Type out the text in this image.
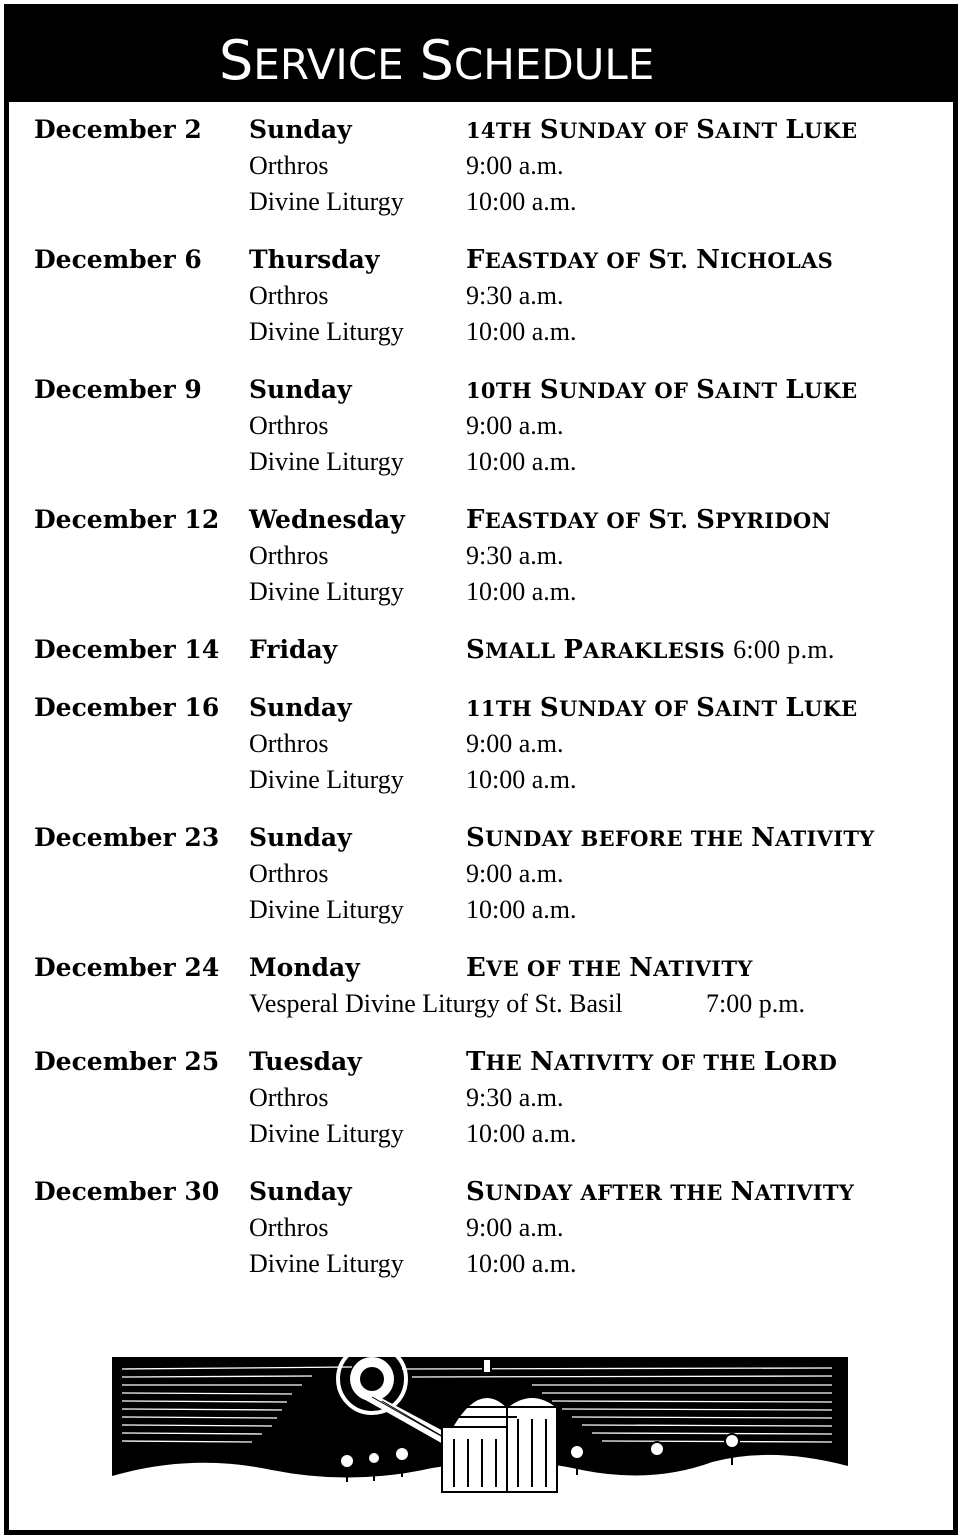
SERVICE SCHEDULE
December 2 Sunday	14TH SUNDAY OF SAINT LUKE
Orthros	9:00 a.m.
Divine Liturgy 10:00 a.m.
December 6 Thursday	FEASTDAY OF ST. NICHOLAS
Orthros	9:30 a.m.
Divine Liturgy 10:00 a.m.
December 9 Sunday	10TH SUNDAY OF SAINT LUKE
Orthros	9:00 a.m.
Divine Liturgy 10:00 a.m.
December 12 Wednesday FEASTDAY OF ST. SPYRIDON
Orthros	9:30 a.m.
Divine Liturgy 10:00 a.m.
December 14 Friday	SMALL PARAKLESIS 6:00 p.m.
December 16 Sunday	11TH SUNDAY OF SAINT LUKE
Orthros	9:00 a.m.
Divine Liturgy 10:00 a.m.
December 23 Sunday	SUNDAY BEFORE THE NATIVITY
Orthros	9:00 a.m.
Divine Liturgy 10:00 a.m.
December 24 Monday	EVE OF THE NATIVITY
Vesperal Divine Liturgy of St. Basil	7:00 p.m.
December 25 Tuesday	THE NATIVITY OF THE LORD
Orthros	9:30 a.m.
Divine Liturgy 10:00 a.m.
December 30 Sunday	SUNDAY AFTER THE NATIVITY
Orthros	9:00 a.m.
Divine Liturgy 10:00 a.m.
